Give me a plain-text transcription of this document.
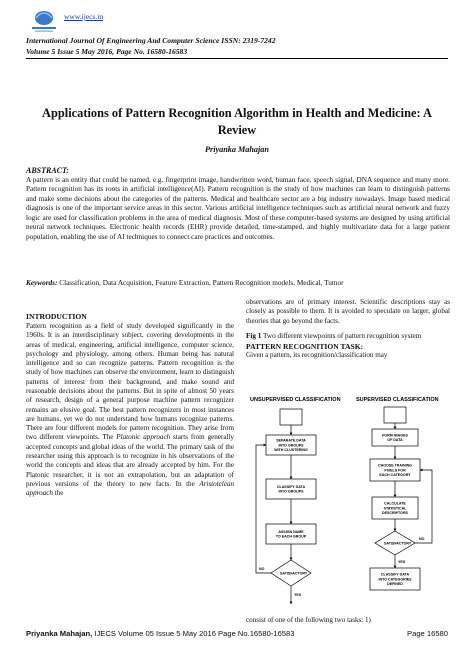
www.ijecs.in
International Journal Of Engineering And Computer Science ISSN: 2319-7242
Volume 5 Issue 5 May 2016, Page No. 16580-16583
Applications of Pattern Recognition Algorithm in Health and Medicine: A Review
Priyanka Mahajan
ABSTRACT:
A pattern is an entity that could be named, e.g. fingerprint image, handwritten word, human face, speech signal, DNA sequence and many more. Pattern recognition has its roots in artificial intelligence(AI). Pattern recognition is the study of how machines can learn to distinguish patterns and make some decisions about the categories of the patterns. Medical and healthcare sector are a big industry nowadays. Image based medical diagnosis is one of the important service areas in this sector. Various artificial intelligence techniques such as artificial neural network and fuzzy logic are used for classification problems in the area of medical diagnosis. Most of these computer-based systems are designed by using artificial neural network techniques. Electronic health records (EHR) provide detailed, time-stamped, and highly multivariate data for a large patient population, enabling the use of AI techniques to connect care practices and outcomes.
Keywords: Classification, Data Acquisition, Feature Extraction, Pattern Recognition models, Medical, Tumor
INTRODUCTION

Pattern recognition as a field of study developed significantly in the 1960s. It is an interdisciplinary subject, covering developments in the areas of medical, engineering, artificial intelligence, computer science, psychology and physiology, among others. Human being has natural intelligence and so can recognize patterns. Pattern recognition is the study of how machines can observe the environment, learn to distinguish patterns of interest from their background, and make sound and reasonable decisions about the patterns. But in spite of almost 50 years of research, design of a general purpose machine pattern recognizer remains an elusive goal. The best pattern recognizers in most instances are humans, yet we do not understand how humans recognize patterns. There are four different models for pattern recognition. They arise from two different viewpoints. The Platonic approach starts from generally accepted concepts and global ideas of the world. The primary task of the researcher using this approach is to recognize in his observations of the world the concepts and ideas that are already accepted by him. For the Platonic researcher, it is not an extrapolation, but an adaptation of previous versions of the theory to new facts. In the Aristotelean approach the

observations are of primary interest. Scientific descriptions stay as closely as possible to them. It is avoided to speculate on larger, global theories that go beyond the facts.

Fig 1 Two different viewpoints of pattern recognition system

PATTERN RECOGNITION TASK:

Given a pattern, its recognition/classification may

UNSUPERVISED CLASSIFICATION	SUPERVISED CLASSIFICATION
SEPARATE DATA
INTO GROUPS
WITH CLUSTERING
CLASSIFY DATA
INTO GROUPS
ASSIGN NAME
TO EACH GROUP
SATISFACTORY
NO
YES
FORM IMAGES
OF DATA
CHOOSE TRAINING
PIXELS FOR
EACH CATEGORY
CALCULATE
STATISTICAL
DESCRIPTORS
SATISFACTORY
NO
YES
CLASSIFY DATA
INTO CATEGORIES
DEFINED
consist of one of the following two tasks: 1)
Priyanka Mahajan, IJECS Volume 05 Issue 5 May 2016 Page No.16580-16583	Page 16580
